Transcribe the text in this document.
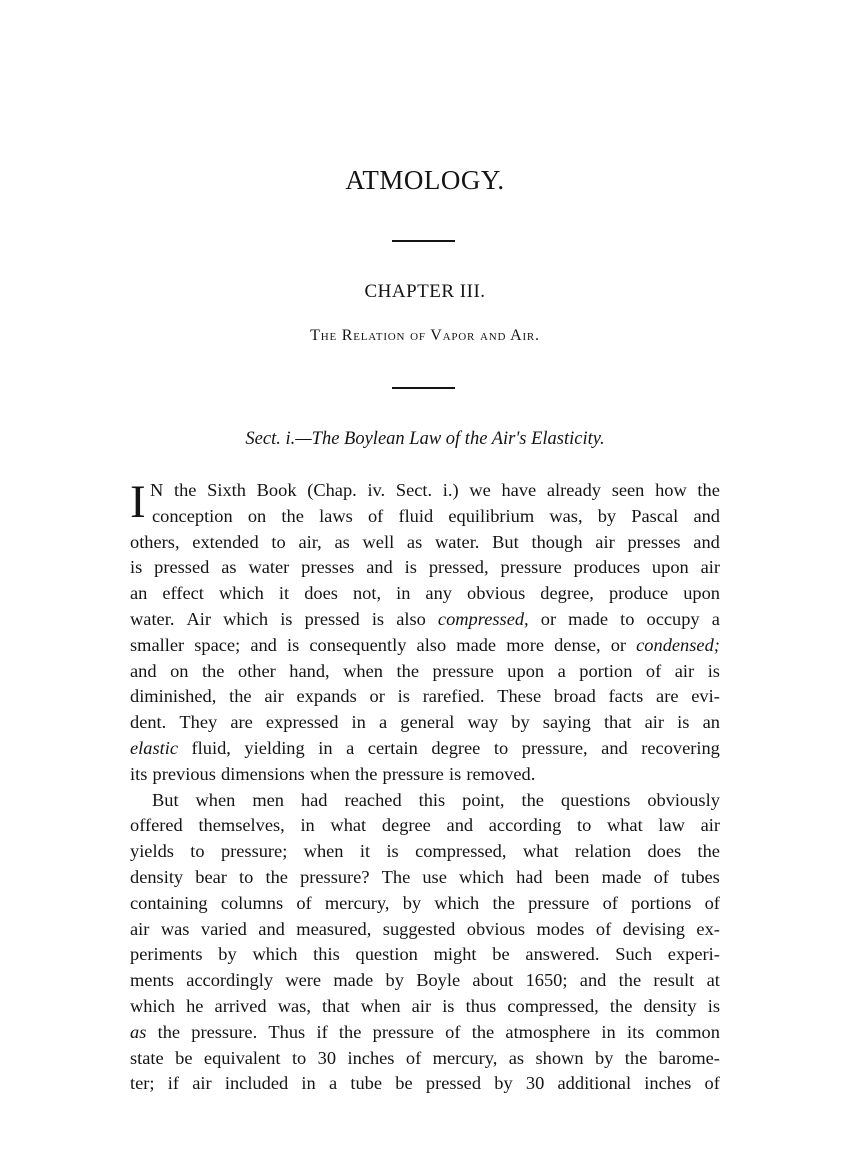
ATMOLOGY.
CHAPTER III.
The Relation of Vapor and Air.
Sect. i.—The Boylean Law of the Air's Elasticity.
I N the Sixth Book (Chap. iv. Sect. i.) we have already seen how the
conception on the laws of fluid equilibrium was, by Pascal and
others, extended to air, as well as water. But though air presses and
is pressed as water presses and is pressed, pressure produces upon air
an effect which it does not, in any obvious degree, produce upon
water. Air which is pressed is also compressed, or made to occupy a
smaller space; and is consequently also made more dense, or condensed;
and on the other hand, when the pressure upon a portion of air is
diminished, the air expands or is rarefied. These broad facts are evi-
dent. They are expressed in a general way by saying that air is an
elastic fluid, yielding in a certain degree to pressure, and recovering
its previous dimensions when the pressure is removed.
But when men had reached this point, the questions obviously
offered themselves, in what degree and according to what law air
yields to pressure; when it is compressed, what relation does the
density bear to the pressure? The use which had been made of tubes
containing columns of mercury, by which the pressure of portions of
air was varied and measured, suggested obvious modes of devising ex-
periments by which this question might be answered. Such experi-
ments accordingly were made by Boyle about 1650; and the result at
which he arrived was, that when air is thus compressed, the density is
as the pressure. Thus if the pressure of the atmosphere in its common
state be equivalent to 30 inches of mercury, as shown by the barome-
ter; if air included in a tube be pressed by 30 additional inches of
